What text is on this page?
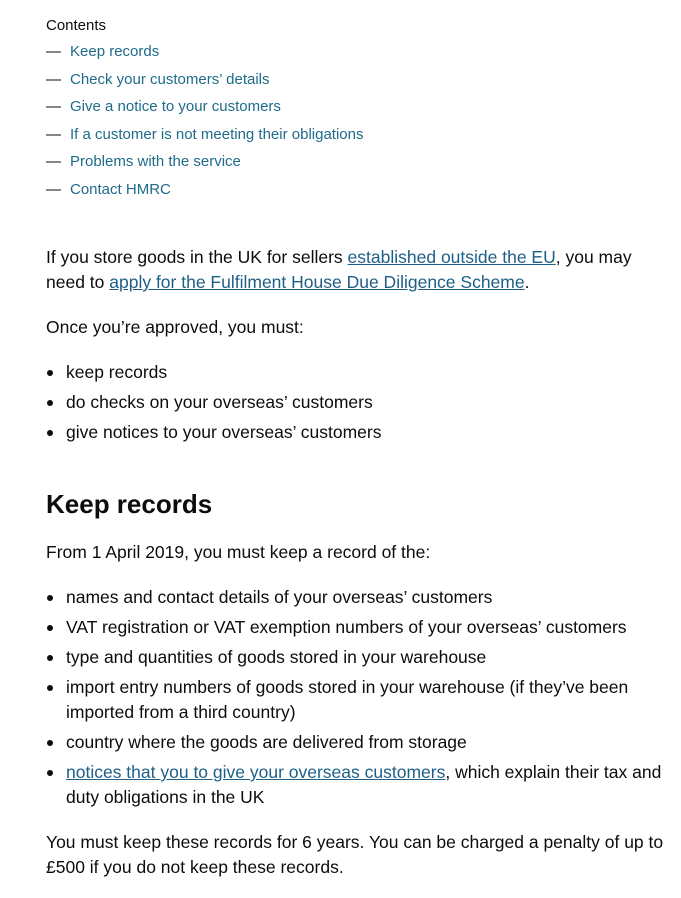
Contents

— Keep records
— Check your customers’ details
— Give a notice to your customers
— If a customer is not meeting their obligations
— Problems with the service
— Contact HMRC

If you store goods in the UK for sellers established outside the EU, you may need to apply for the Fulfilment House Due Diligence Scheme.

Once you’re approved, you must:

keep records
do checks on your overseas’ customers
give notices to your overseas’ customers
Keep records

From 1 April 2019, you must keep a record of the:

names and contact details of your overseas’ customers
VAT registration or VAT exemption numbers of your overseas’ customers
type and quantities of goods stored in your warehouse
import entry numbers of goods stored in your warehouse (if they’ve been imported from a third country)
country where the goods are delivered from storage
notices that you to give your overseas customers, which explain their tax and duty obligations in the UK

You must keep these records for 6 years. You can be charged a penalty of up to £500 if you do not keep these records.
